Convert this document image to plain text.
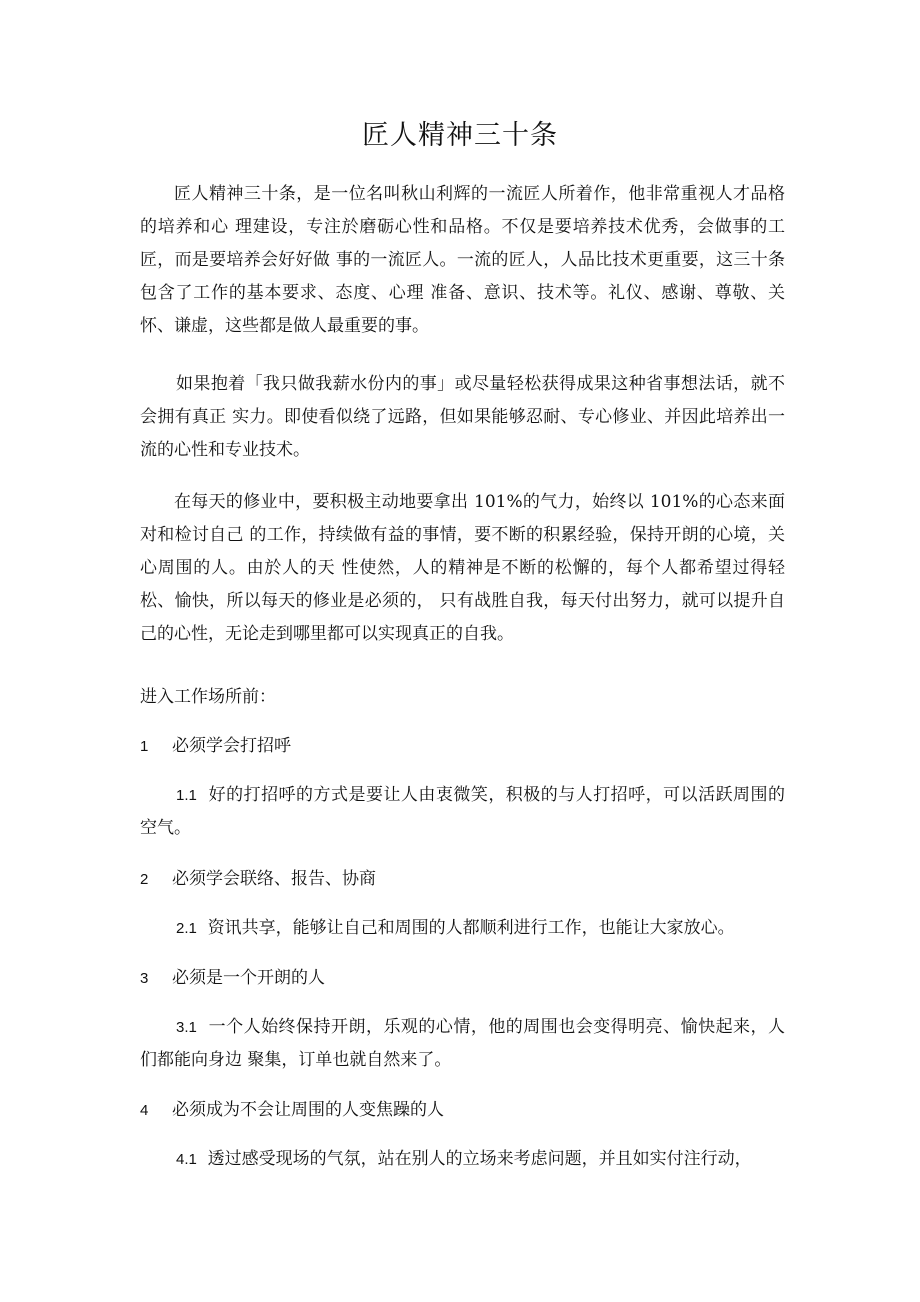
匠人精神三十条

匠人精神三十条，是一位名叫秋山利辉的一流匠人所着作，他非常重视人才品格的培养和心 理建设，专注於磨砺心性和品格。不仅是要培养技术优秀，会做事的工匠，而是要培养会好好做 事的一流匠人。一流的匠人，人品比技术更重要，这三十条包含了工作的基本要求、态度、心理 准备、意识、技术等。礼仪、感谢、尊敬、关怀、谦虚，这些都是做人最重要的事。

如果抱着「我只做我薪水份内的事」或尽量轻松获得成果这种省事想法话，就不会拥有真正 实力。即使看似绕了远路，但如果能够忍耐、专心修业、并因此培养出一流的心性和专业技术。

在每天的修业中，要积极主动地要拿出 101%的气力，始终以 101%的心态来面对和检讨自己 的工作，持续做有益的事情，要不断的积累经验，保持开朗的心境，关心周围的人。由於人的天 性使然，人的精神是不断的松懈的，每个人都希望过得轻松、愉快，所以每天的修业是必须的， 只有战胜自我，每天付出努力，就可以提升自己的心性，无论走到哪里都可以实现真正的自我。

进入工作场所前：

1	必须学会打招呼

1.1 好的打招呼的方式是要让人由衷微笑，积极的与人打招呼，可以活跃周围的空气。

2	必须学会联络、报告、协商

2.1 资讯共享，能够让自己和周围的人都顺利进行工作，也能让大家放心。

3	必须是一个开朗的人

3.1 一个人始终保持开朗，乐观的心情，他的周围也会变得明亮、愉快起来，人们都能向身边 聚集，订单也就自然来了。

4	必须成为不会让周围的人变焦躁的人

4.1 透过感受现场的气氛，站在别人的立场来考虑问题，并且如实付注行动，
